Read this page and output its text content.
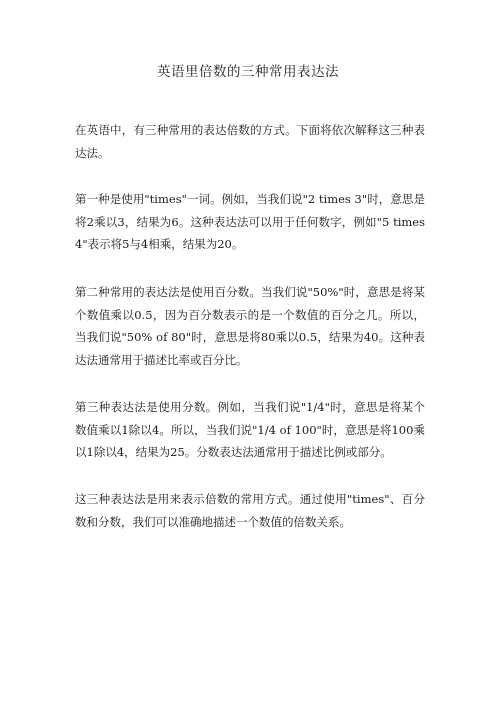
英语里倍数的三种常用表达法

在英语中，有三种常用的表达倍数的方式。下面将依次解释这三种表达法。

第一种是使用"times"一词。例如，当我们说"2 times 3"时，意思是将2乘以3，结果为6。这种表达法可以用于任何数字，例如"5 times 4"表示将5与4相乘，结果为20。

第二种常用的表达法是使用百分数。当我们说"50%"时，意思是将某个数值乘以0.5，因为百分数表示的是一个数值的百分之几。所以，当我们说"50% of 80"时，意思是将80乘以0.5，结果为40。这种表达法通常用于描述比率或百分比。

第三种表达法是使用分数。例如，当我们说"1/4"时，意思是将某个数值乘以1除以4。所以，当我们说"1/4 of 100"时，意思是将100乘以1除以4，结果为25。分数表达法通常用于描述比例或部分。

这三种表达法是用来表示倍数的常用方式。通过使用"times"、百分数和分数，我们可以准确地描述一个数值的倍数关系。
